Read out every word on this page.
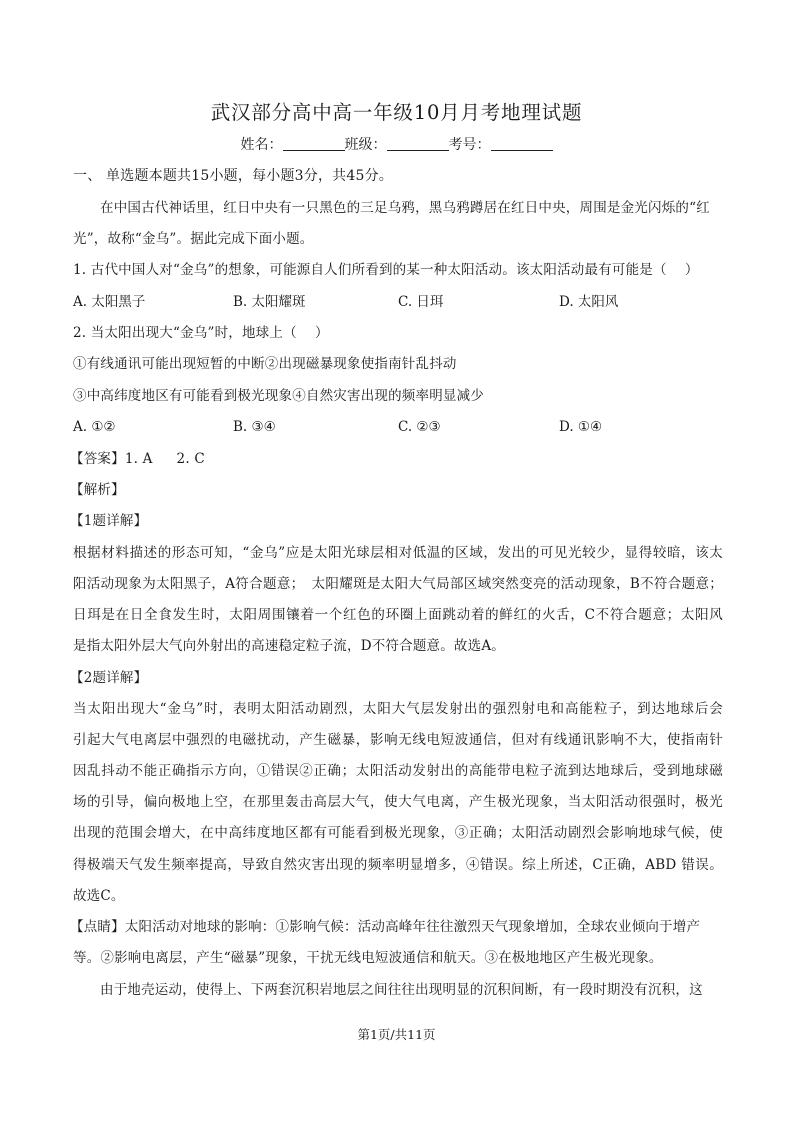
武汉部分高中高一年级10月月考地理试题
姓名：	班级：	考号：
一、 单选题本题共15小题，每小题3分，共45分。
在中国古代神话里，红日中央有一只黑色的三足乌鸦，黑乌鸦蹲居在红日中央，周围是金光闪烁的“红
光”，故称“金乌”。据此完成下面小题。
1. 古代中国人对“金乌”的想象，可能源自人们所看到的某一种太阳活动。该太阳活动最有可能是（　 ）
A. 太阳黑子	B. 太阳耀斑	C. 日珥	D. 太阳风
2. 当太阳出现大“金乌”时，地球上（　 ）
①有线通讯可能出现短暂的中断②出现磁暴现象使指南针乱抖动
③中高纬度地区有可能看到极光现象④自然灾害出现的频率明显减少
A. ①②	B. ③④	C. ②③	D. ①④
【答案】1. A 2. C
【解析】
【1题详解】
根据材料描述的形态可知，“金乌”应是太阳光球层相对低温的区域，发出的可见光较少，显得较暗，该太
阳活动现象为太阳黑子，A符合题意；　太阳耀斑是太阳大气局部区域突然变亮的活动现象，B不符合题意；
日珥是在日全食发生时，太阳周围镶着一个红色的环圈上面跳动着的鲜红的火舌，C不符合题意；太阳风
是指太阳外层大气向外射出的高速稳定粒子流，D不符合题意。故选A。
【2题详解】
当太阳出现大“金乌”时，表明太阳活动剧烈，太阳大气层发射出的强烈射电和高能粒子，到达地球后会
引起大气电离层中强烈的电磁扰动，产生磁暴，影响无线电短波通信，但对有线通讯影响不大，使指南针
因乱抖动不能正确指示方向，①错误②正确；太阳活动发射出的高能带电粒子流到达地球后，受到地球磁
场的引导，偏向极地上空，在那里轰击高层大气，使大气电离，产生极光现象，当太阳活动很强时，极光
出现的范围会增大，在中高纬度地区都有可能看到极光现象，③正确；太阳活动剧烈会影响地球气候，使
得极端天气发生频率提高，导致自然灾害出现的频率明显增多，④错误。综上所述，C正确，ABD 错误。
故选C。
【点睛】太阳活动对地球的影响：①影响气候：活动高峰年往往激烈天气现象增加，全球农业倾向于增产
等。②影响电离层，产生“磁暴”现象，干扰无线电短波通信和航天。③在极地地区产生极光现象。
由于地壳运动，使得上、下两套沉积岩地层之间往往出现明显的沉积间断，有一段时期没有沉积，这
第1页/共11页
